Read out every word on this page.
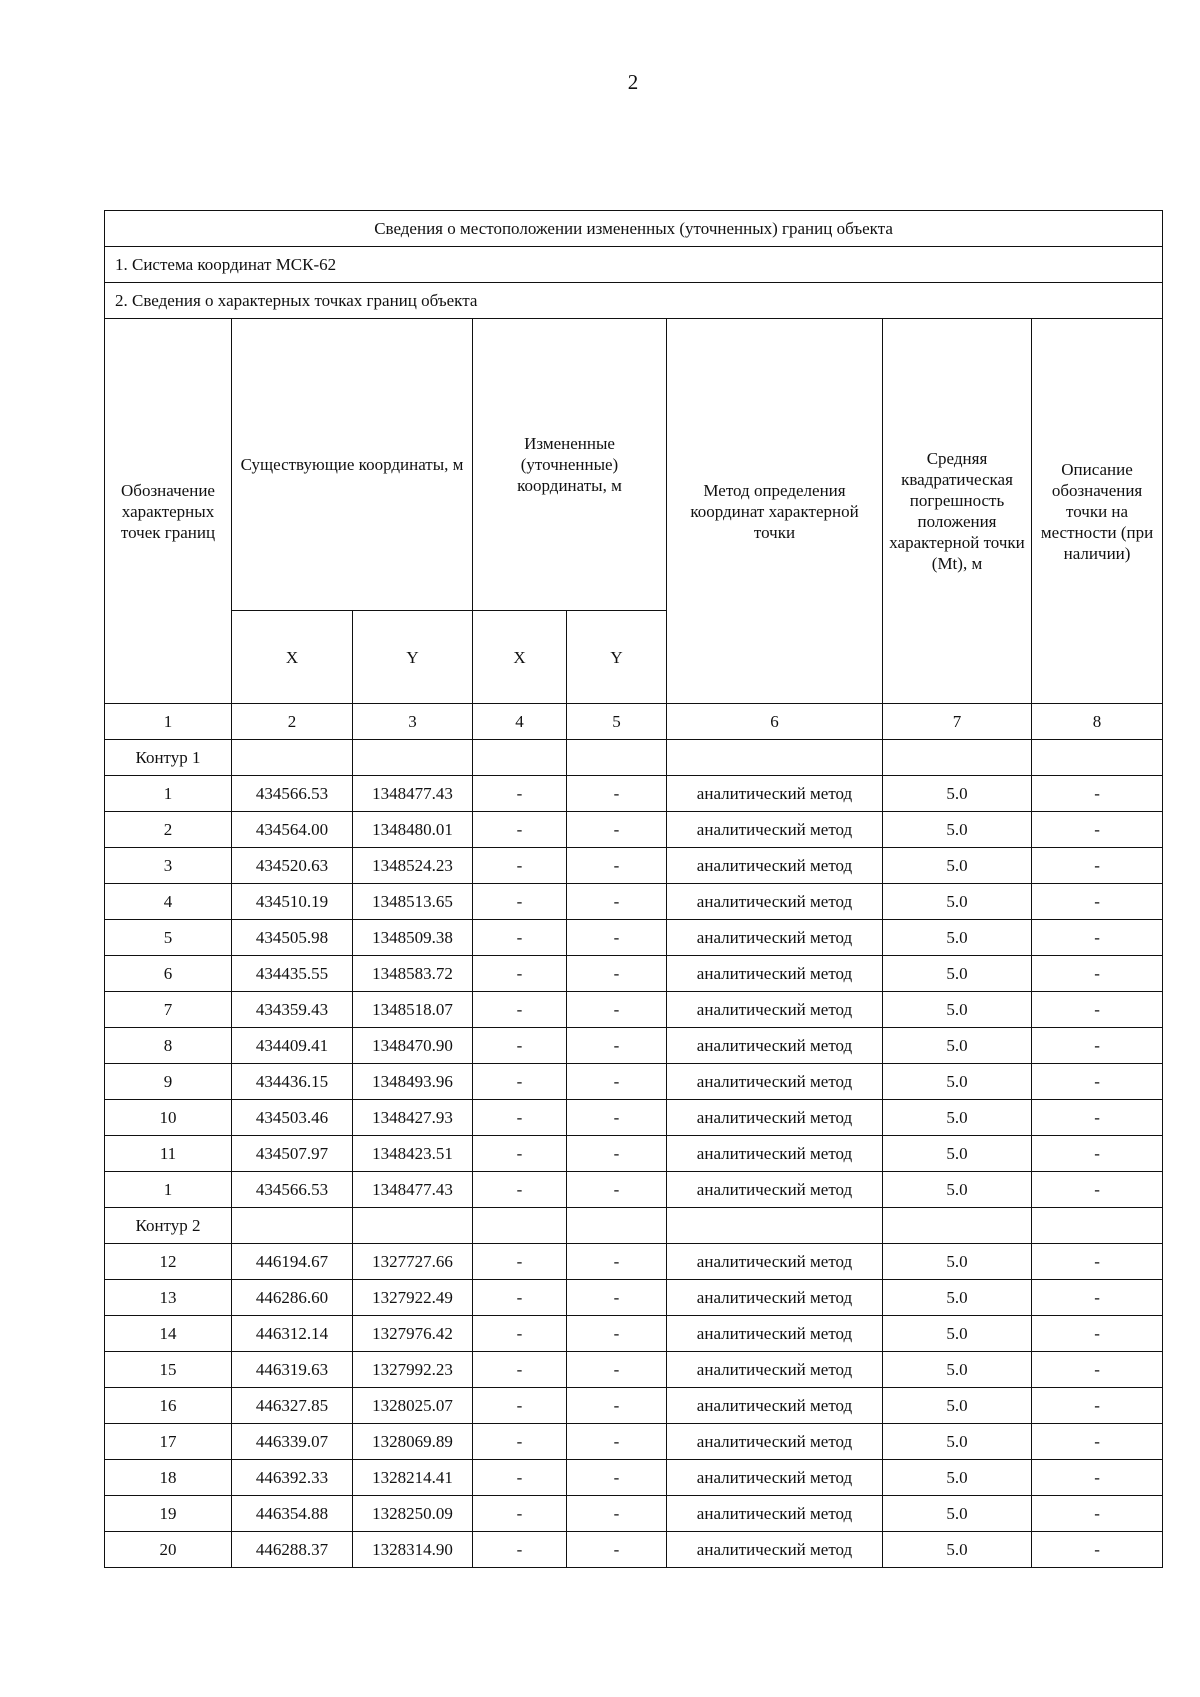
2
Сведения о местоположении измененных (уточненных) границ объекта							
1. Система координат МСК-62							
2. Сведения о характерных точках границ объекта							
Обозначение характерных точек границ	Существующие координаты, м		Измененные (уточненные) координаты, м		Метод определения координат характерной точки	Средняя квадратическая погрешность положения характерной точки (Mt), м	Описание обозначения точки на местности (при наличии)
	X	Y	X	Y			
1	2	3	4	5	6	7	8
Контур 1							
1	434566.53	1348477.43	-	-	аналитический метод	5.0	-
2	434564.00	1348480.01	-	-	аналитический метод	5.0	-
3	434520.63	1348524.23	-	-	аналитический метод	5.0	-
4	434510.19	1348513.65	-	-	аналитический метод	5.0	-
5	434505.98	1348509.38	-	-	аналитический метод	5.0	-
6	434435.55	1348583.72	-	-	аналитический метод	5.0	-
7	434359.43	1348518.07	-	-	аналитический метод	5.0	-
8	434409.41	1348470.90	-	-	аналитический метод	5.0	-
9	434436.15	1348493.96	-	-	аналитический метод	5.0	-
10	434503.46	1348427.93	-	-	аналитический метод	5.0	-
11	434507.97	1348423.51	-	-	аналитический метод	5.0	-
1	434566.53	1348477.43	-	-	аналитический метод	5.0	-
Контур 2							
12	446194.67	1327727.66	-	-	аналитический метод	5.0	-
13	446286.60	1327922.49	-	-	аналитический метод	5.0	-
14	446312.14	1327976.42	-	-	аналитический метод	5.0	-
15	446319.63	1327992.23	-	-	аналитический метод	5.0	-
16	446327.85	1328025.07	-	-	аналитический метод	5.0	-
17	446339.07	1328069.89	-	-	аналитический метод	5.0	-
18	446392.33	1328214.41	-	-	аналитический метод	5.0	-
19	446354.88	1328250.09	-	-	аналитический метод	5.0	-
20	446288.37	1328314.90	-	-	аналитический метод	5.0	-
